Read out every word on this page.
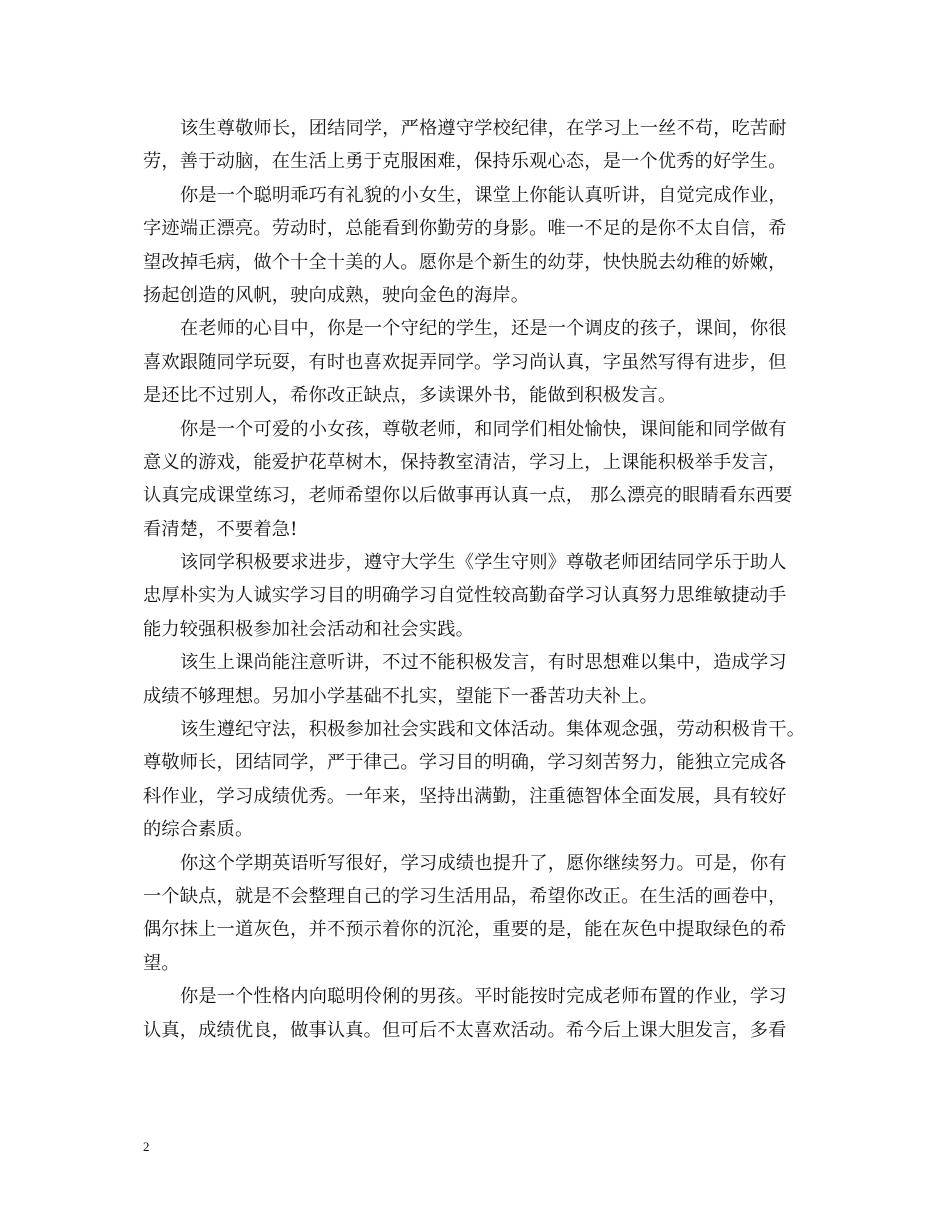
该生尊敬师长，团结同学，严格遵守学校纪律，在学习上一丝不苟，吃苦耐
劳，善于动脑，在生活上勇于克服困难，保持乐观心态，是一个优秀的好学生。
你是一个聪明乖巧有礼貌的小女生，课堂上你能认真听讲，自觉完成作业，
字迹端正漂亮。劳动时，总能看到你勤劳的身影。唯一不足的是你不太自信，希
望改掉毛病，做个十全十美的人。愿你是个新生的幼芽，快快脱去幼稚的娇嫩，
扬起创造的风帆，驶向成熟，驶向金色的海岸。
在老师的心目中，你是一个守纪的学生，还是一个调皮的孩子，课间，你很
喜欢跟随同学玩耍，有时也喜欢捉弄同学。学习尚认真，字虽然写得有进步，但
是还比不过别人，希你改正缺点，多读课外书，能做到积极发言。
你是一个可爱的小女孩，尊敬老师，和同学们相处愉快，课间能和同学做有
意义的游戏，能爱护花草树木，保持教室清洁，学习上，上课能积极举手发言，
认真完成课堂练习，老师希望你以后做事再认真一点， 那么漂亮的眼睛看东西要
看清楚，不要着急!
该同学积极要求进步，遵守大学生《学生守则》尊敬老师团结同学乐于助人
忠厚朴实为人诚实学习目的明确学习自觉性较高勤奋学习认真努力思维敏捷动手
能力较强积极参加社会活动和社会实践。
该生上课尚能注意听讲，不过不能积极发言，有时思想难以集中，造成学习
成绩不够理想。另加小学基础不扎实，望能下一番苦功夫补上。
该生遵纪守法，积极参加社会实践和文体活动。集体观念强，劳动积极肯干。
尊敬师长，团结同学，严于律己。学习目的明确，学习刻苦努力，能独立完成各
科作业，学习成绩优秀。一年来，坚持出满勤，注重德智体全面发展，具有较好
的综合素质。
你这个学期英语听写很好，学习成绩也提升了，愿你继续努力。可是，你有
一个缺点，就是不会整理自己的学习生活用品，希望你改正。在生活的画卷中，
偶尔抹上一道灰色，并不预示着你的沉沦，重要的是，能在灰色中提取绿色的希
望。
你是一个性格内向聪明伶俐的男孩。平时能按时完成老师布置的作业，学习
认真，成绩优良，做事认真。但可后不太喜欢活动。希今后上课大胆发言，多看
2
